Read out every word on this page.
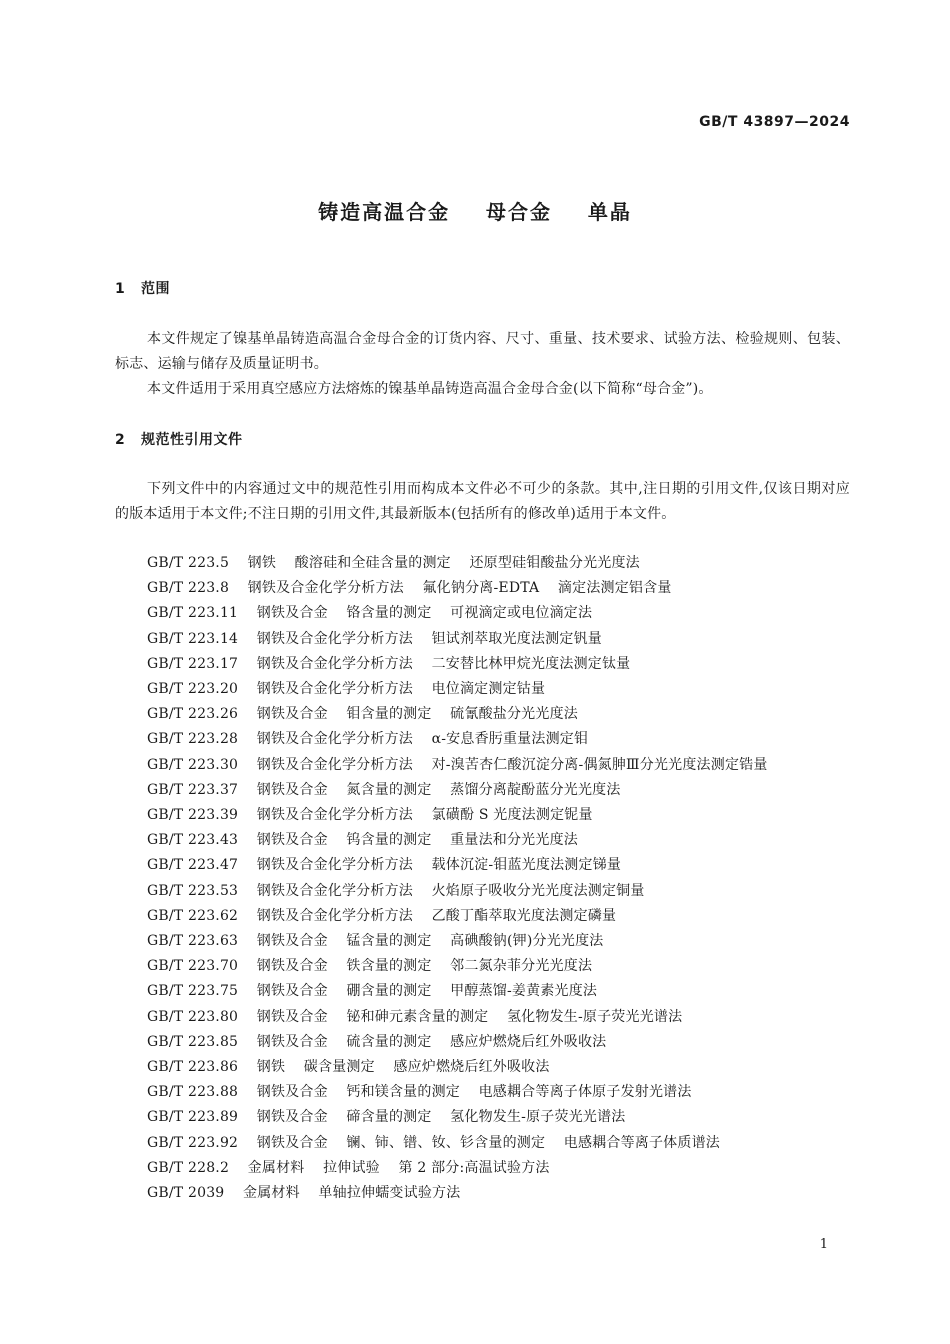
GB/T 43897—2024
铸造高温合金    母合金    单晶
1 范围
本文件规定了镍基单晶铸造高温合金母合金的订货内容、尺寸、重量、技术要求、试验方法、检验规则、包装、标志、运输与储存及质量证明书。
本文件适用于采用真空感应方法熔炼的镍基单晶铸造高温合金母合金(以下简称“母合金”)。
2 规范性引用文件
下列文件中的内容通过文中的规范性引用而构成本文件必不可少的条款。其中,注日期的引用文件,仅该日期对应的版本适用于本文件;不注日期的引用文件,其最新版本(包括所有的修改单)适用于本文件。
GB/T 223.5 钢铁    酸溶硅和全硅含量的测定    还原型硅钼酸盐分光光度法
GB/T 223.8 钢铁及合金化学分析方法    氟化钠分离-EDTA    滴定法测定铝含量
GB/T 223.11 钢铁及合金    铬含量的测定    可视滴定或电位滴定法
GB/T 223.14 钢铁及合金化学分析方法    钽试剂萃取光度法测定钒量
GB/T 223.17 钢铁及合金化学分析方法    二安替比林甲烷光度法测定钛量
GB/T 223.20 钢铁及合金化学分析方法    电位滴定测定钴量
GB/T 223.26 钢铁及合金    钼含量的测定    硫氰酸盐分光光度法
GB/T 223.28 钢铁及合金化学分析方法    α-安息香肟重量法测定钼
GB/T 223.30 钢铁及合金化学分析方法    对-溴苦杏仁酸沉淀分离-偶氮胂Ⅲ分光光度法测定锆量
GB/T 223.37 钢铁及合金    氮含量的测定    蒸馏分离靛酚蓝分光光度法
GB/T 223.39 钢铁及合金化学分析方法    氯磺酚 S 光度法测定铌量
GB/T 223.43 钢铁及合金    钨含量的测定    重量法和分光光度法
GB/T 223.47 钢铁及合金化学分析方法    载体沉淀-钼蓝光度法测定锑量
GB/T 223.53 钢铁及合金化学分析方法    火焰原子吸收分光光度法测定铜量
GB/T 223.62 钢铁及合金化学分析方法    乙酸丁酯萃取光度法测定磷量
GB/T 223.63 钢铁及合金    锰含量的测定    高碘酸钠(钾)分光光度法
GB/T 223.70 钢铁及合金    铁含量的测定    邻二氮杂菲分光光度法
GB/T 223.75 钢铁及合金    硼含量的测定    甲醇蒸馏-姜黄素光度法
GB/T 223.80 钢铁及合金    铋和砷元素含量的测定    氢化物发生-原子荧光光谱法
GB/T 223.85 钢铁及合金    硫含量的测定    感应炉燃烧后红外吸收法
GB/T 223.86 钢铁    碳含量测定    感应炉燃烧后红外吸收法
GB/T 223.88 钢铁及合金    钙和镁含量的测定    电感耦合等离子体原子发射光谱法
GB/T 223.89 钢铁及合金    碲含量的测定    氢化物发生-原子荧光光谱法
GB/T 223.92 钢铁及合金    镧、铈、镨、钕、钐含量的测定    电感耦合等离子体质谱法
GB/T 228.2 金属材料    拉伸试验    第 2 部分:高温试验方法
GB/T 2039 金属材料    单轴拉伸蠕变试验方法
1
